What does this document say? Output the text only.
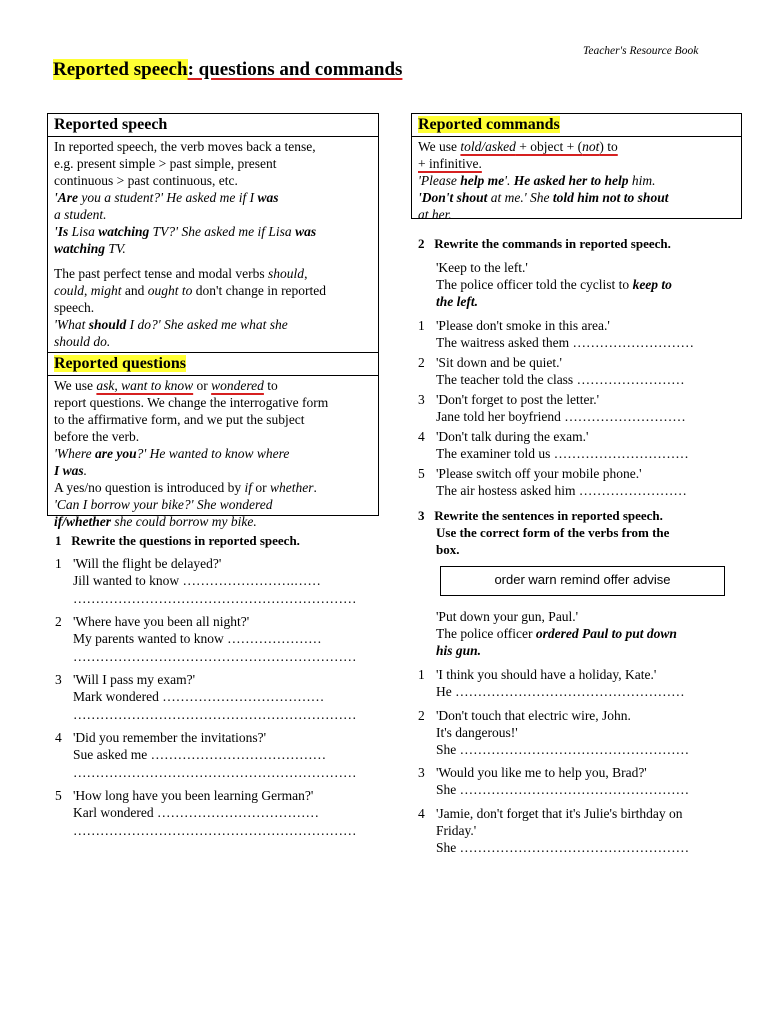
Teacher's Resource Book
Reported speech: questions and commands
Reported speech

In reported speech, the verb moves back a tense,

e.g. present simple > past simple, present

continuous > past continuous, etc.

'Are you a student?' He asked me if I was

a student.

'Is Lisa watching TV?' She asked me if Lisa was

watching TV.

The past perfect tense and modal verbs should,

could, might and ought to don't change in reported

speech.

'What should I do?' She asked me what she

should do.

Reported questions

We use ask, want to know or wondered to

report questions. We change the interrogative form

to the affirmative form, and we put the subject

before the verb.

'Where are you?' He wanted to know where

I was.

A yes/no question is introduced by if or whether.

'Can I borrow your bike?' She wondered

if/whether she could borrow my bike.

Reported commands

We use told/asked + object + (not) to

+ infinitive.

'Please help me'. He asked her to help him.

'Don't shout at me.' She told him not to shout

at her.

1 Rewrite the questions in reported speech.
1 'Will the flight be delayed?'
Jill wanted to know …………………….……
………………………………………………………
2 'Where have you been all night?'
My parents wanted to know …………………
………………………………………………………
3 'Will I pass my exam?'
Mark wondered ………………………………
………………………………………………………
4 'Did you remember the invitations?'
Sue asked me …………………………………
………………………………………………………
5 'How long have you been learning German?'
Karl wondered ………………………………
………………………………………………………
2 Rewrite the commands in reported speech.
'Keep to the left.'
The police officer told the cyclist to keep to
the left.
1 'Please don't smoke in this area.'
The waitress asked them ………………………
2 'Sit down and be quiet.'
The teacher told the class ……………………
3 'Don't forget to post the letter.'
Jane told her boyfriend ………………………
4 'Don't talk during the exam.'
The examiner told us …………………………
5 'Please switch off your mobile phone.'
The air hostess asked him ……………………
3 Rewrite the sentences in reported speech.
Use the correct form of the verbs from the
box.
order warn remind offer advise
'Put down your gun, Paul.'
The police officer ordered Paul to put down
his gun.
1 'I think you should have a holiday, Kate.'
He ……………………………………………
2 'Don't touch that electric wire, John.
It's dangerous!'
She ……………………………………………
3 'Would you like me to help you, Brad?'
She ……………………………………………
4 'Jamie, don't forget that it's Julie's birthday on
Friday.'
She ……………………………………………
